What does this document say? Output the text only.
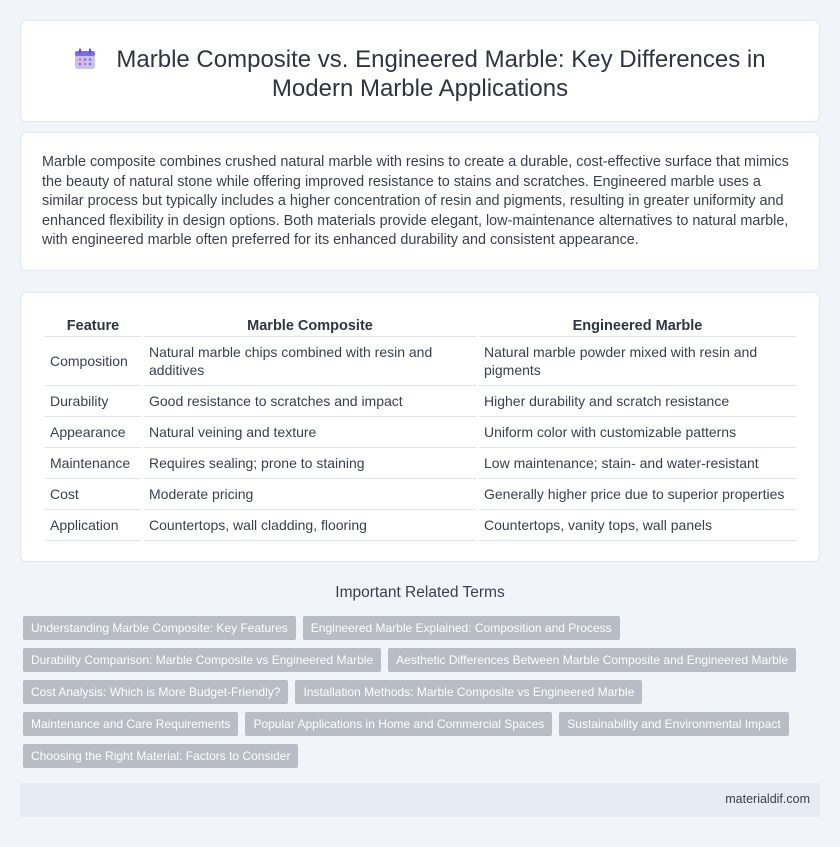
Marble Composite vs. Engineered Marble: Key Differences in
Modern Marble Applications

Marble composite combines crushed natural marble with resins to create a durable, cost-effective surface that mimics the beauty of natural stone while offering improved resistance to stains and scratches. Engineered marble uses a similar process but typically includes a higher concentration of resin and pigments, resulting in greater uniformity and enhanced flexibility in design options. Both materials provide elegant, low-maintenance alternatives to natural marble, with engineered marble often preferred for its enhanced durability and consistent appearance.

Feature	Marble Composite	Engineered Marble
Composition	Natural marble chips combined with resin and additives	Natural marble powder mixed with resin and pigments
Durability	Good resistance to scratches and impact	Higher durability and scratch resistance
Appearance	Natural veining and texture	Uniform color with customizable patterns
Maintenance	Requires sealing; prone to staining	Low maintenance; stain- and water-resistant
Cost	Moderate pricing	Generally higher price due to superior properties
Application	Countertops, wall cladding, flooring	Countertops, vanity tops, wall panels
Important Related Terms
Understanding Marble Composite: Key Features	Engineered Marble Explained: Composition and Process
Durability Comparison: Marble Composite vs Engineered Marble	Aesthetic Differences Between Marble Composite and Engineered Marble
Cost Analysis: Which is More Budget-Friendly?	Installation Methods: Marble Composite vs Engineered Marble
Maintenance and Care Requirements	Popular Applications in Home and Commercial Spaces	Sustainability and Environmental Impact
Choosing the Right Material: Factors to Consider
materialdif.com
